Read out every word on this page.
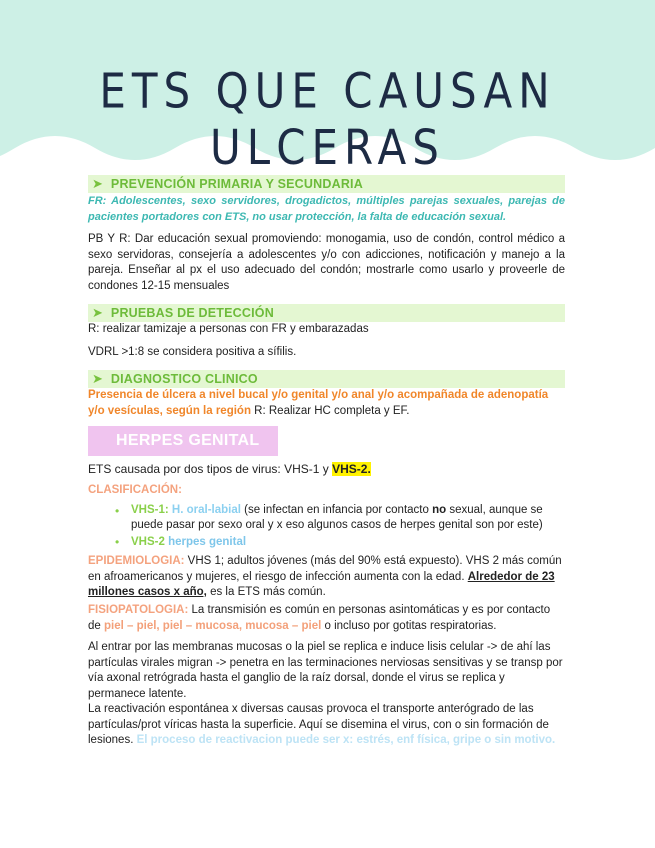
ETS QUE CAUSAN ULCERAS
➤ PREVENCIÓN PRIMARIA Y SECUNDARIA
FR: Adolescentes, sexo servidores, drogadictos, múltiples parejas sexuales, parejas de pacientes portadores con ETS, no usar protección, la falta de educación sexual.
PB Y R: Dar educación sexual promoviendo: monogamia, uso de condón, control médico a sexo servidoras, consejería a adolescentes y/o con adicciones, notificación y manejo a la pareja. Enseñar al px el uso adecuado del condón; mostrarle como usarlo y proveerle de condones 12-15 mensuales
➤ PRUEBAS DE DETECCIÓN
R: realizar tamizaje a personas con FR y embarazadas
VDRL >1:8 se considera positiva a sífilis.
➤ DIAGNOSTICO CLINICO
Presencia de úlcera a nivel bucal y/o genital y/o anal y/o acompañada de adenopatía y/o vesículas, según la región R: Realizar HC completa y EF.
HERPES GENITAL
ETS causada por dos tipos de virus: VHS-1 y VHS-2.
CLASIFICACIÓN:
•	VHS-1: H. oral-labial (se infectan en infancia por contacto no sexual, aunque se puede pasar por sexo oral y x eso algunos casos de herpes genital son por este)
•	VHS-2 herpes genital
EPIDEMIOLOGIA: VHS 1; adultos jóvenes (más del 90% está expuesto). VHS 2 más común en afroamericanos y mujeres, el riesgo de infección aumenta con la edad. Alrededor de 23 millones casos x año, es la ETS más común.
FISIOPATOLOGIA: La transmisión es común en personas asintomáticas y es por contacto de piel – piel, piel – mucosa, mucosa – piel o incluso por gotitas respiratorias.
Al entrar por las membranas mucosas o la piel se replica e induce lisis celular -> de ahí las partículas virales migran -> penetra en las terminaciones nerviosas sensitivas y se transp por vía axonal retrógrada hasta el ganglio de la raíz dorsal, donde el virus se replica y permanece latente.
La reactivación espontánea x diversas causas provoca el transporte anterógrado de las partículas/prot víricas hasta la superficie. Aquí se disemina el virus, con o sin formación de lesiones. El proceso de reactivacion puede ser x: estrés, enf física, gripe o sin motivo.
